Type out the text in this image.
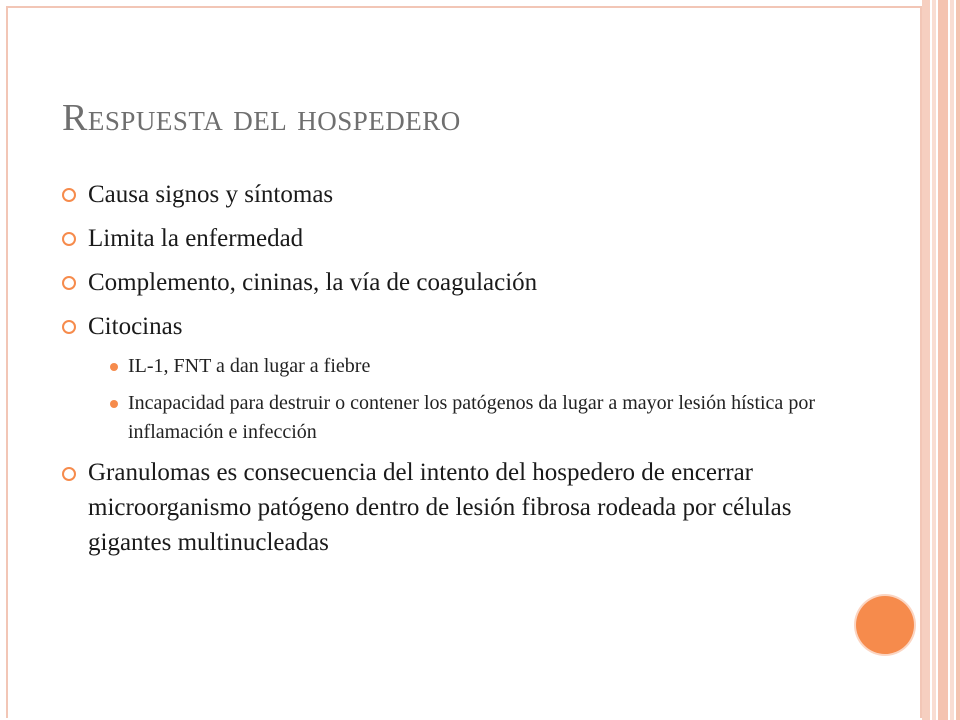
Respuesta del hospedero
Causa signos y síntomas
Limita la enfermedad
Complemento, cininas, la vía de coagulación
Citocinas
IL-1, FNT a dan lugar a fiebre
Incapacidad para destruir o contener los patógenos da lugar a mayor lesión hística por inflamación e infección
Granulomas es consecuencia del intento del hospedero de encerrar microorganismo patógeno dentro de lesión fibrosa rodeada por células gigantes multinucleadas
